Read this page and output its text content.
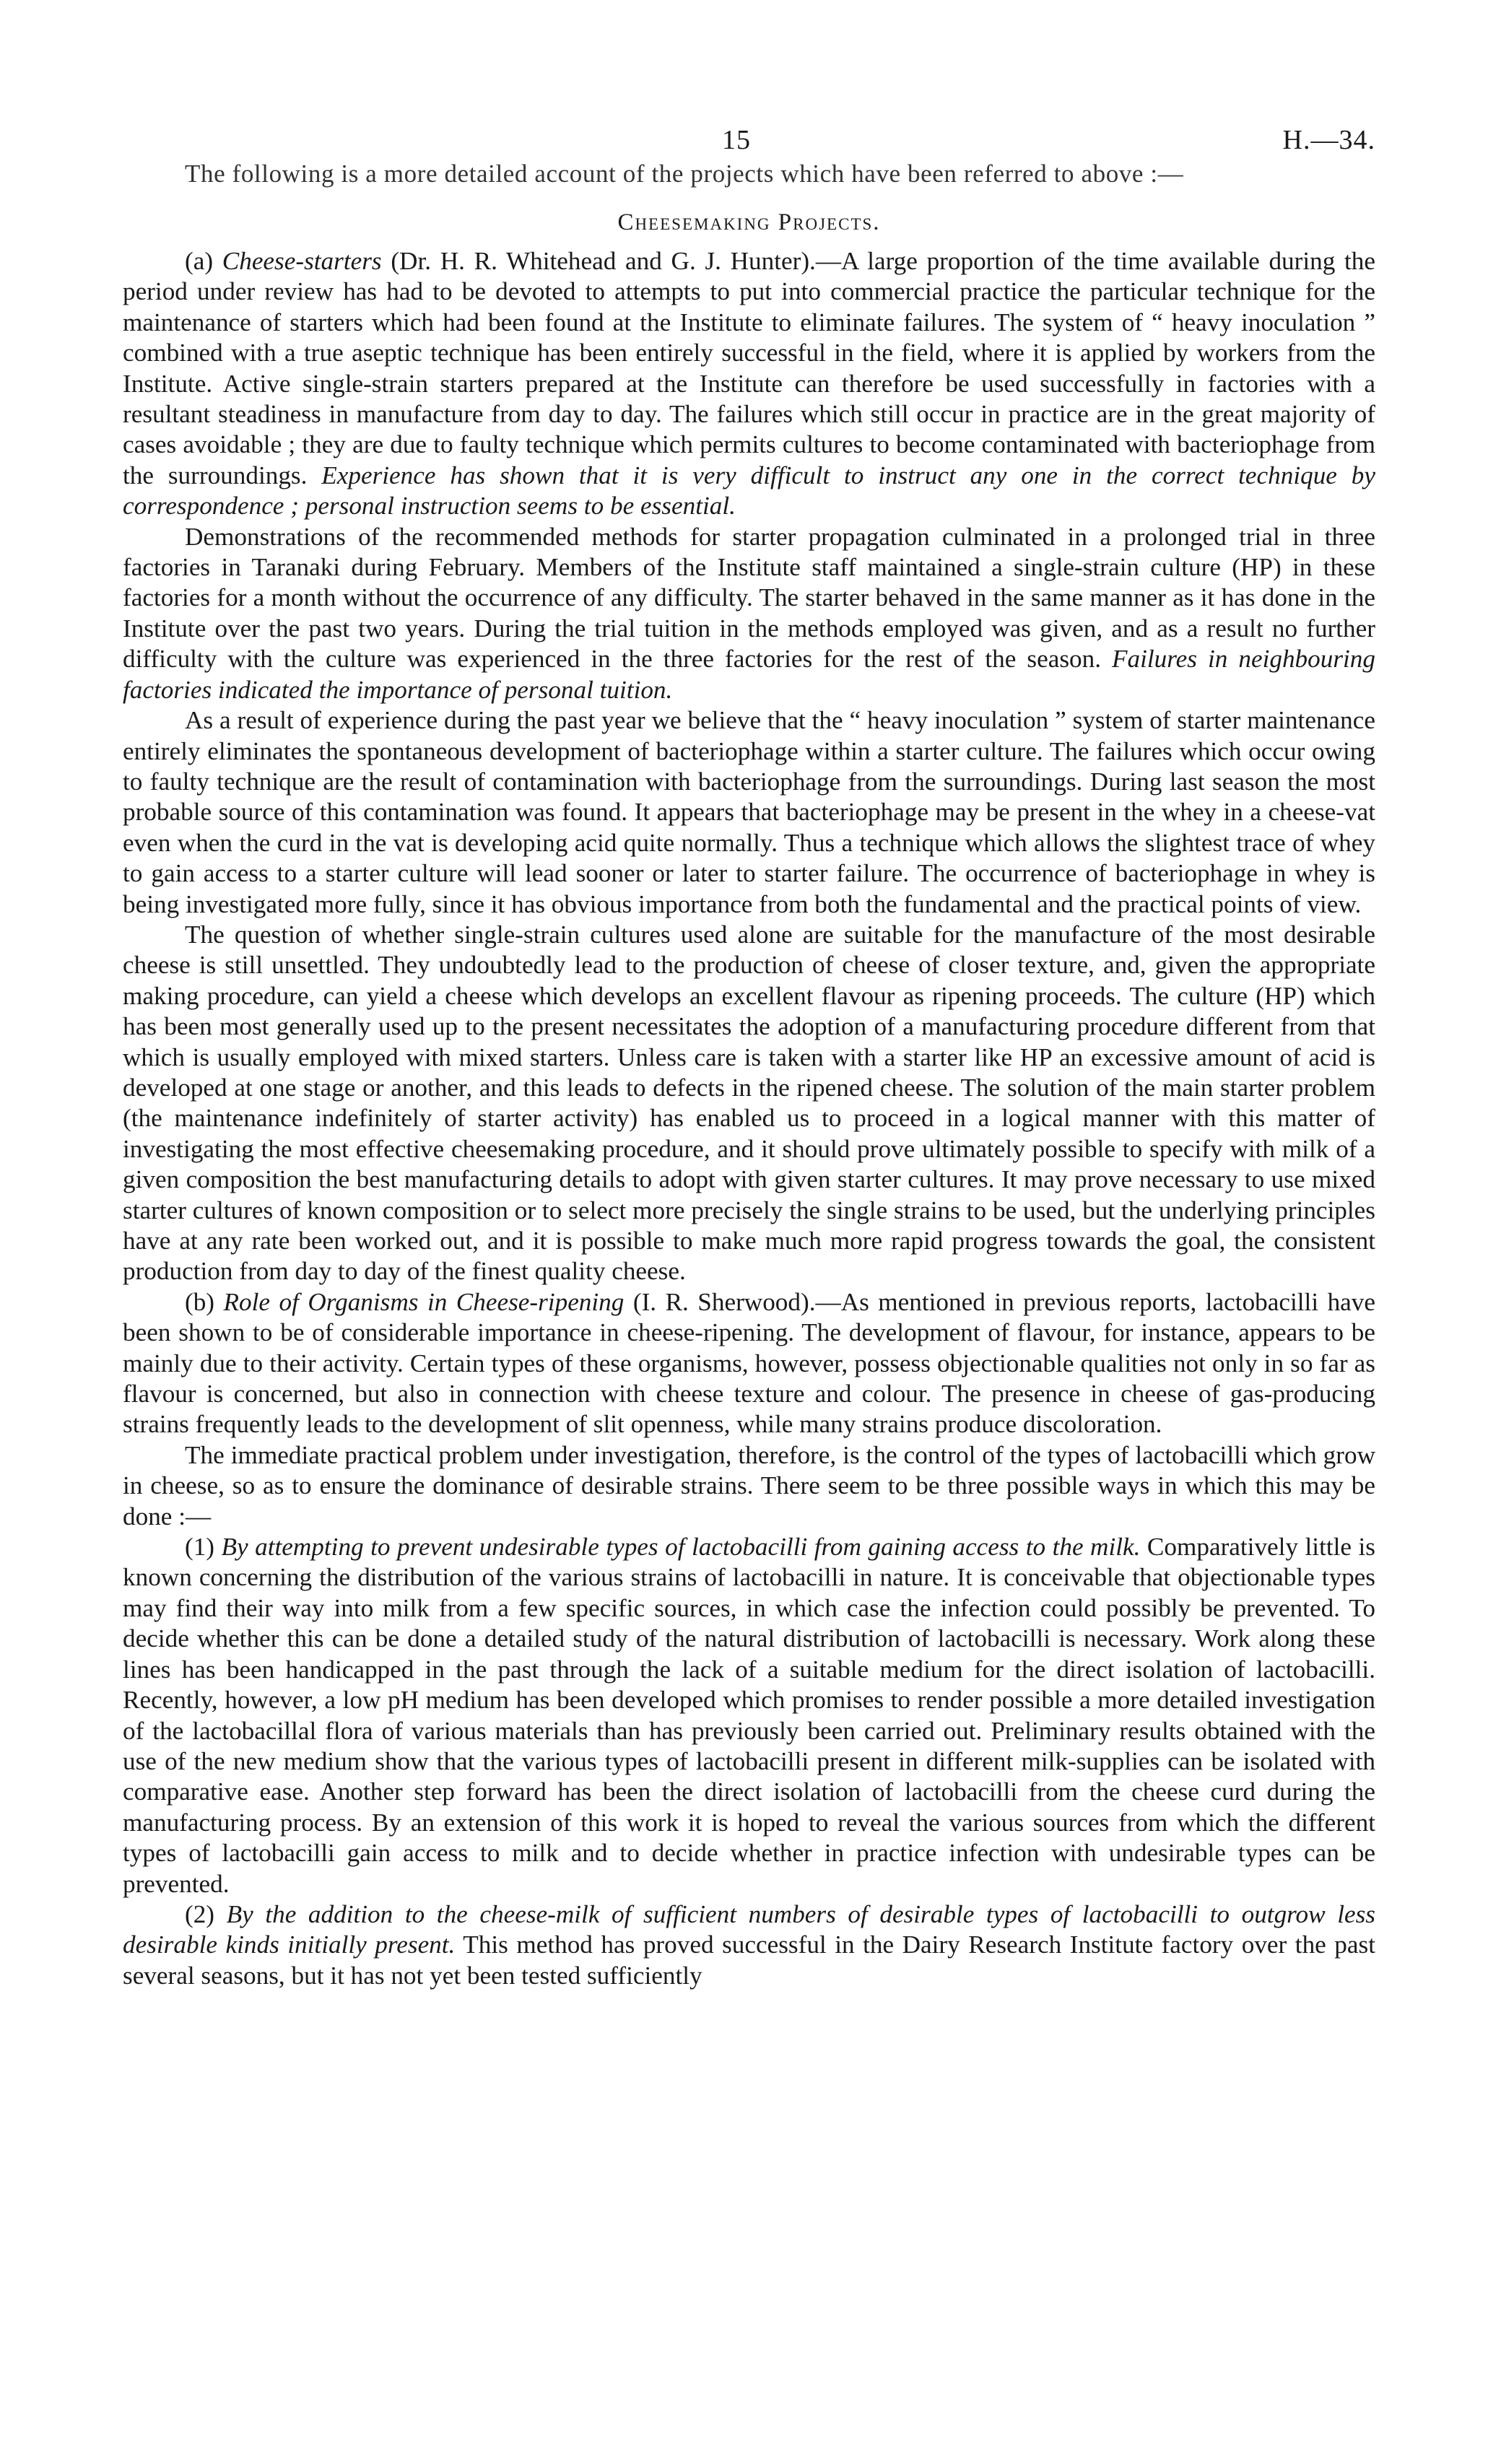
15	H.—34.

The following is a more detailed account of the projects which have been referred to above :—

Cheesemaking Projects.

(a) Cheese-starters (Dr. H. R. Whitehead and G. J. Hunter).—A large proportion of the time available during the period under review has had to be devoted to attempts to put into commercial practice the particular technique for the maintenance of starters which had been found at the Institute to eliminate failures. The system of “ heavy inoculation ” combined with a true aseptic technique has been entirely successful in the field, where it is applied by workers from the Institute. Active single-strain starters prepared at the Institute can therefore be used successfully in factories with a resultant steadiness in manufacture from day to day. The failures which still occur in practice are in the great majority of cases avoidable ; they are due to faulty technique which permits cultures to become contaminated with bacteriophage from the surroundings. Experience has shown that it is very difficult to instruct any one in the correct technique by correspondence ; personal instruction seems to be essential.

Demonstrations of the recommended methods for starter propagation culminated in a prolonged trial in three factories in Taranaki during February. Members of the Institute staff maintained a single-strain culture (HP) in these factories for a month without the occurrence of any difficulty. The starter behaved in the same manner as it has done in the Institute over the past two years. During the trial tuition in the methods employed was given, and as a result no further difficulty with the culture was experienced in the three factories for the rest of the season. Failures in neighbouring factories indicated the importance of personal tuition.

As a result of experience during the past year we believe that the “ heavy inoculation ” system of starter maintenance entirely eliminates the spontaneous development of bacteriophage within a starter culture. The failures which occur owing to faulty technique are the result of contamination with bacteriophage from the surroundings. During last season the most probable source of this contamination was found. It appears that bacteriophage may be present in the whey in a cheese-vat even when the curd in the vat is developing acid quite normally. Thus a technique which allows the slightest trace of whey to gain access to a starter culture will lead sooner or later to starter failure. The occurrence of bacteriophage in whey is being investigated more fully, since it has obvious importance from both the fundamental and the practical points of view.

The question of whether single-strain cultures used alone are suitable for the manufacture of the most desirable cheese is still unsettled. They undoubtedly lead to the production of cheese of closer texture, and, given the appropriate making procedure, can yield a cheese which develops an excellent flavour as ripening proceeds. The culture (HP) which has been most generally used up to the present necessitates the adoption of a manufacturing procedure different from that which is usually employed with mixed starters. Unless care is taken with a starter like HP an excessive amount of acid is developed at one stage or another, and this leads to defects in the ripened cheese. The solution of the main starter problem (the maintenance indefinitely of starter activity) has enabled us to proceed in a logical manner with this matter of investigating the most effective cheesemaking procedure, and it should prove ultimately possible to specify with milk of a given composition the best manufacturing details to adopt with given starter cultures. It may prove necessary to use mixed starter cultures of known composition or to select more precisely the single strains to be used, but the underlying principles have at any rate been worked out, and it is possible to make much more rapid progress towards the goal, the consistent production from day to day of the finest quality cheese.

(b) Role of Organisms in Cheese-ripening (I. R. Sherwood).—As mentioned in previous reports, lactobacilli have been shown to be of considerable importance in cheese-ripening. The development of flavour, for instance, appears to be mainly due to their activity. Certain types of these organisms, however, possess objectionable qualities not only in so far as flavour is concerned, but also in connection with cheese texture and colour. The presence in cheese of gas-producing strains frequently leads to the development of slit openness, while many strains produce discoloration.

The immediate practical problem under investigation, therefore, is the control of the types of lactobacilli which grow in cheese, so as to ensure the dominance of desirable strains. There seem to be three possible ways in which this may be done :—

(1) By attempting to prevent undesirable types of lactobacilli from gaining access to the milk. Comparatively little is known concerning the distribution of the various strains of lactobacilli in nature. It is conceivable that objectionable types may find their way into milk from a few specific sources, in which case the infection could possibly be prevented. To decide whether this can be done a detailed study of the natural distribution of lactobacilli is necessary. Work along these lines has been handicapped in the past through the lack of a suitable medium for the direct isolation of lactobacilli. Recently, however, a low pH medium has been developed which promises to render possible a more detailed investigation of the lactobacillal flora of various materials than has previously been carried out. Preliminary results obtained with the use of the new medium show that the various types of lactobacilli present in different milk-supplies can be isolated with comparative ease. Another step forward has been the direct isolation of lactobacilli from the cheese curd during the manufacturing process. By an extension of this work it is hoped to reveal the various sources from which the different types of lactobacilli gain access to milk and to decide whether in practice infection with undesirable types can be prevented.

(2) By the addition to the cheese-milk of sufficient numbers of desirable types of lactobacilli to outgrow less desirable kinds initially present. This method has proved successful in the Dairy Research Institute factory over the past several seasons, but it has not yet been tested sufficiently
